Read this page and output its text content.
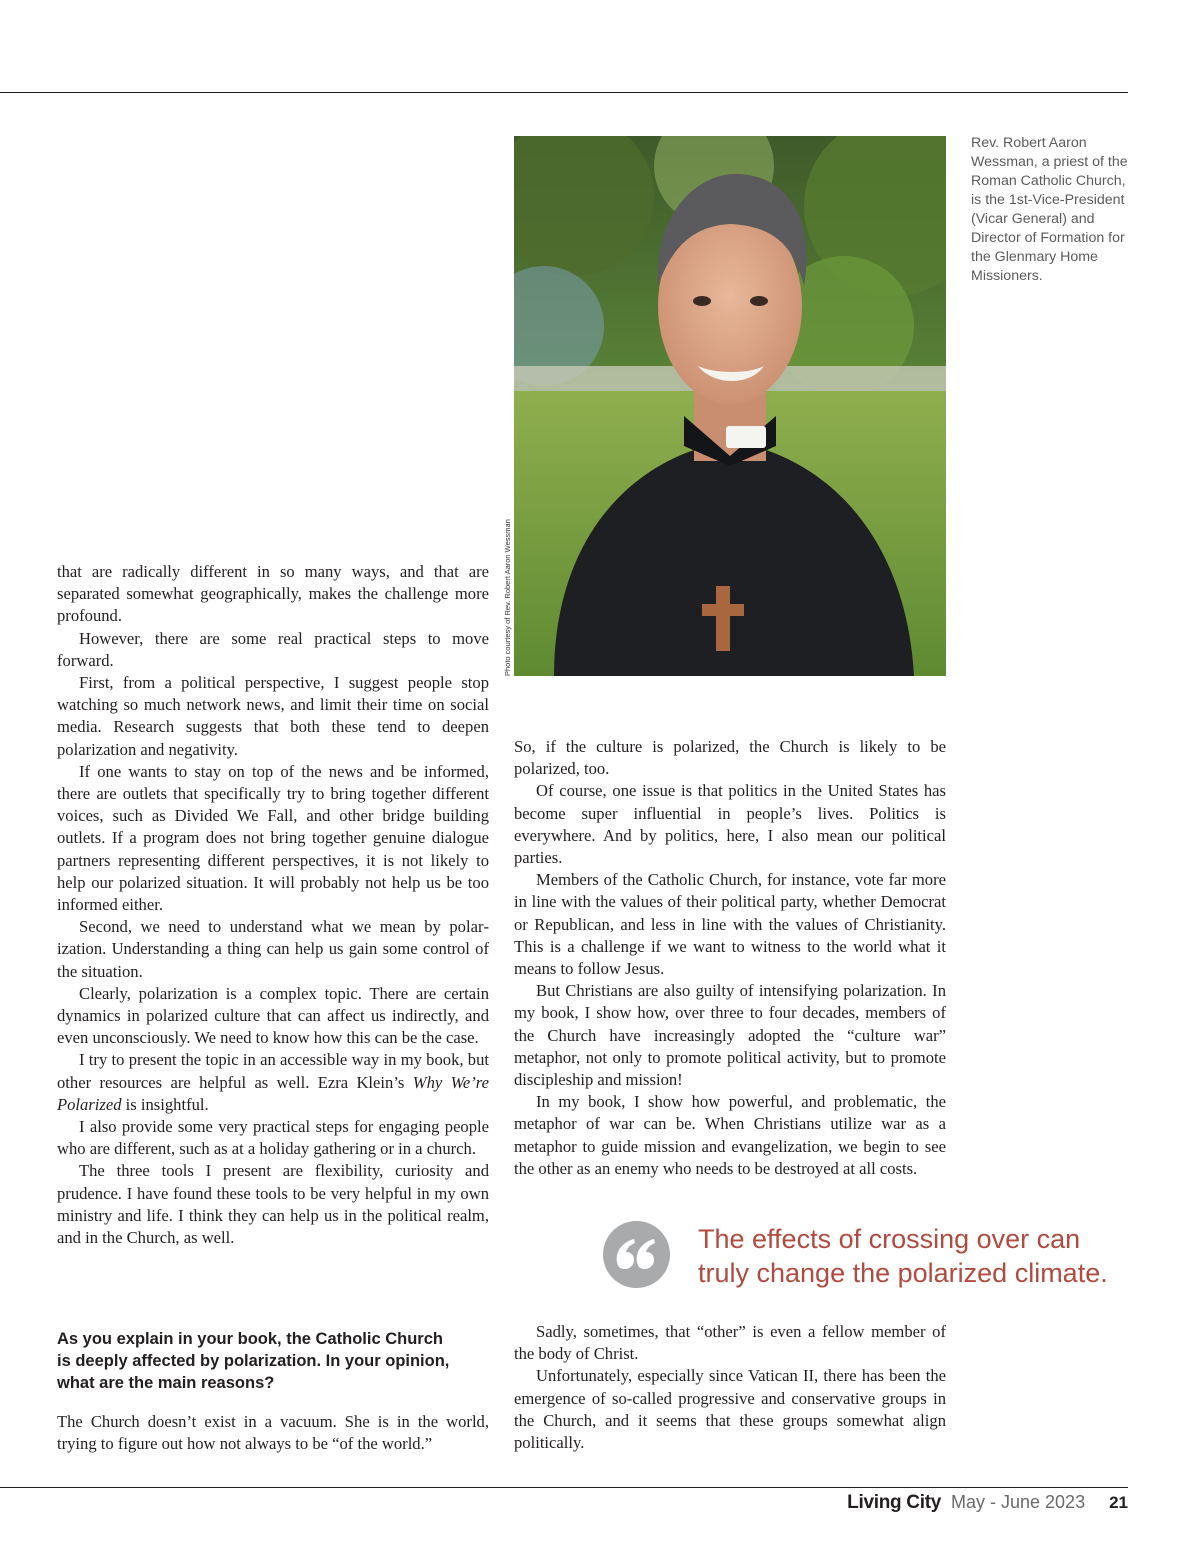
that are radically different in so many ways, and that are separated somewhat geographically, makes the challenge more profound.

However, there are some real practical steps to move forward.

First, from a political perspective, I suggest people stop watching so much network news, and limit their time on social media. Research suggests that both these tend to deepen polarization and negativity.

If one wants to stay on top of the news and be informed, there are outlets that specifically try to bring together different voices, such as Divided We Fall, and other bridge building outlets. If a program does not bring together genuine dialogue partners representing different perspectives, it is not likely to help our polarized situation. It will probably not help us be too informed either.

Second, we need to understand what we mean by polarization. Understanding a thing can help us gain some control of the situation.

Clearly, polarization is a complex topic. There are certain dynamics in polarized culture that can affect us indirectly, and even unconsciously. We need to know how this can be the case.

I try to present the topic in an accessible way in my book, but other resources are helpful as well. Ezra Klein’s Why We’re Polarized is insightful.

I also provide some very practical steps for engaging people who are different, such as at a holiday gathering or in a church.

The three tools I present are flexibility, curiosity and prudence. I have found these tools to be very helpful in my own ministry and life. I think they can help us in the political realm, and in the Church, as well.

As you explain in your book, the Catholic Church is deeply affected by polarization. In your opinion, what are the main reasons?

The Church doesn’t exist in a vacuum. She is in the world, trying to figure out how not always to be “of the world.”

Photo courtesy of Rev. Robert Aaron Wessman
Rev. Robert Aaron Wessman, a priest of the Roman Catholic Church, is the 1st-Vice-President (Vicar General) and Director of Formation for the Glenmary Home Missioners.

So, if the culture is polarized, the Church is likely to be polarized, too.

Of course, one issue is that politics in the United States has become super influential in people’s lives. Politics is everywhere. And by politics, here, I also mean our political parties.

Members of the Catholic Church, for instance, vote far more in line with the values of their political party, whether Democrat or Republican, and less in line with the values of Christianity. This is a challenge if we want to witness to the world what it means to follow Jesus.

But Christians are also guilty of intensifying polarization. In my book, I show how, over three to four decades, members of the Church have increasingly adopted the “culture war” metaphor, not only to promote political activity, but to promote discipleship and mission!

In my book, I show how powerful, and problematic, the metaphor of war can be. When Christians utilize war as a metaphor to guide mission and evangelization, we begin to see the other as an enemy who needs to be destroyed at all costs.

The effects of crossing over can truly change the polarized climate.

Sadly, sometimes, that “other” is even a fellow member of the body of Christ.

Unfortunately, especially since Vatican II, there has been the emergence of so-called progressive and conservative groups in the Church, and it seems that these groups somewhat align politically.

Living City May - June 2023 21
